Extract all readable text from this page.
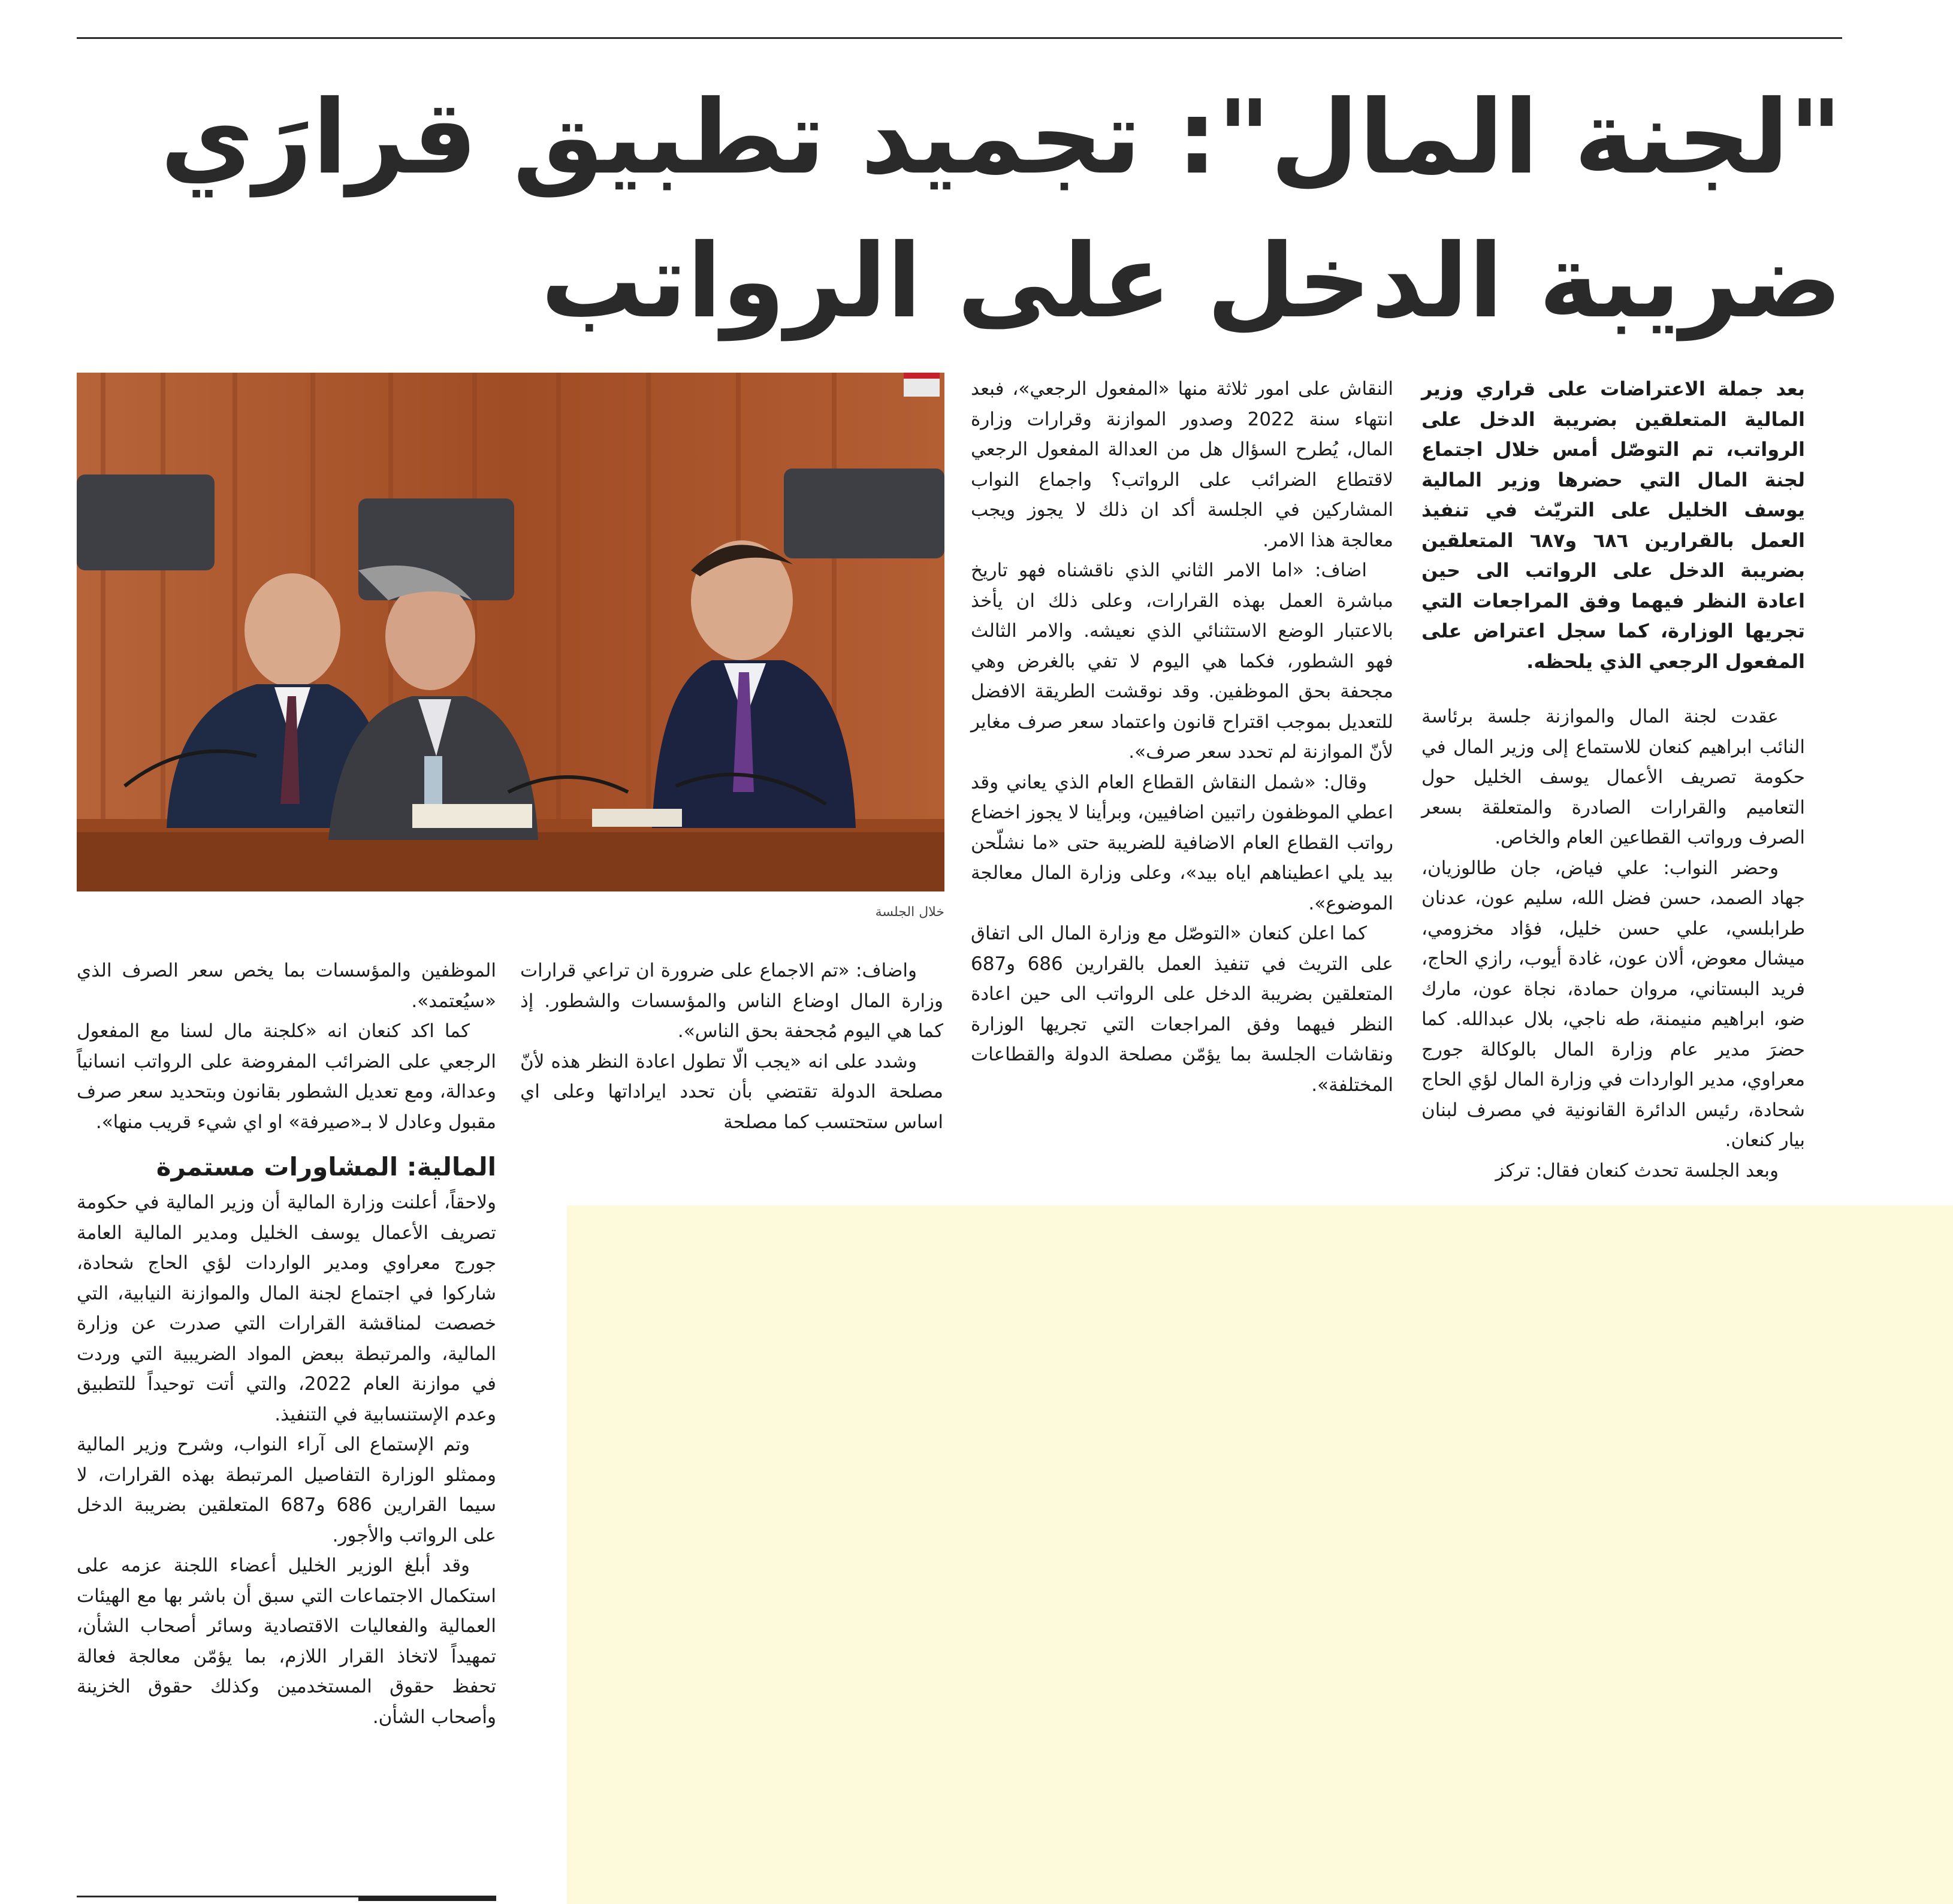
"لجنة المال": تجميد تطبيق قرارَي ضريبة الدخل على الرواتب

بعد جملة الاعتراضات على قراري وزير المالية المتعلقين بضريبة الدخل على الرواتب، تم التوصّل أمس خلال اجتماع لجنة المال التي حضرها وزير المالية يوسف الخليل على التريّث في تنفيذ العمل بالقرارين ٦٨٦ و٦٨٧ المتعلقين بضريبة الدخل على الرواتب الى حين اعادة النظر فيهما وفق المراجعات التي تجريها الوزارة، كما سجل اعتراض على المفعول الرجعي الذي يلحظه.

عقدت لجنة المال والموازنة جلسة برئاسة النائب ابراهيم كنعان للاستماع إلى وزير المال في حكومة تصريف الأعمال يوسف الخليل حول التعاميم والقرارات الصادرة والمتعلقة بسعر الصرف ورواتب القطاعين العام والخاص.

وحضر النواب: علي فياض، جان طالوزيان، جهاد الصمد، حسن فضل الله، سليم عون، عدنان طرابلسي، علي حسن خليل، فؤاد مخزومي، ميشال معوض، ألان عون، غادة أيوب، رازي الحاج، فريد البستاني، مروان حمادة، نجاة عون، مارك ضو، ابراهيم منيمنة، طه ناجي، بلال عبدالله. كما حضرَ مدير عام وزارة المال بالوكالة جورج معراوي، مدير الواردات في وزارة المال لؤي الحاج شحادة، رئيس الدائرة القانونية في مصرف لبنان بيار كنعان.

وبعد الجلسة تحدث كنعان فقال: تركز

النقاش على امور ثلاثة منها «المفعول الرجعي»، فبعد انتهاء سنة 2022 وصدور الموازنة وقرارات وزارة المال، يُطرح السؤال هل من العدالة المفعول الرجعي لاقتطاع الضرائب على الرواتب؟ واجماع النواب المشاركين في الجلسة أكد ان ذلك لا يجوز ويجب معالجة هذا الامر.

اضاف: «اما الامر الثاني الذي ناقشناه فهو تاريخ مباشرة العمل بهذه القرارات، وعلى ذلك ان يأخذ بالاعتبار الوضع الاستثنائي الذي نعيشه. والامر الثالث فهو الشطور، فكما هي اليوم لا تفي بالغرض وهي مجحفة بحق الموظفين. وقد نوقشت الطريقة الافضل للتعديل بموجب اقتراح قانون واعتماد سعر صرف مغاير لأنّ الموازنة لم تحدد سعر صرف».

وقال: «شمل النقاش القطاع العام الذي يعاني وقد اعطي الموظفون راتبين اضافيين، وبرأينا لا يجوز اخضاع رواتب القطاع العام الاضافية للضريبة حتى «ما نشلّحن بيد يلي اعطيناهم اياه بيد»، وعلى وزارة المال معالجة الموضوع».

كما اعلن كنعان «التوصّل مع وزارة المال الى اتفاق على التريث في تنفيذ العمل بالقرارين 686 و687 المتعلقين بضريبة الدخل على الرواتب الى حين اعادة النظر فيهما وفق المراجعات التي تجريها الوزارة ونقاشات الجلسة بما يؤمّن مصلحة الدولة والقطاعات المختلفة».

خلال الجلسة

واضاف: «تم الاجماع على ضرورة ان تراعي قرارات وزارة المال اوضاع الناس والمؤسسات والشطور. إذ كما هي اليوم مُجحفة بحق الناس».

وشدد على انه «يجب الّا تطول اعادة النظر هذه لأنّ مصلحة الدولة تقتضي بأن تحدد ايراداتها وعلى اي اساس ستحتسب كما مصلحة

الموظفين والمؤسسات بما يخص سعر الصرف الذي «سيُعتمد».

كما اكد كنعان انه «كلجنة مال لسنا مع المفعول الرجعي على الضرائب المفروضة على الرواتب انسانياً وعدالة، ومع تعديل الشطور بقانون وبتحديد سعر صرف مقبول وعادل لا بـ«صيرفة» او اي شيء قريب منها».

المالية: المشاورات مستمرة

ولاحقاً، أعلنت وزارة المالية أن وزير المالية في حكومة تصريف الأعمال يوسف الخليل ومدير المالية العامة جورج معراوي ومدير الواردات لؤي الحاج شحادة، شاركوا في اجتماع لجنة المال والموازنة النيابية، التي خصصت لمناقشة القرارات التي صدرت عن وزارة المالية، والمرتبطة ببعض المواد الضريبية التي وردت في موازنة العام 2022، والتي أتت توحيداً للتطبيق وعدم الإستنسابية في التنفيذ.

وتم الإستماع الى آراء النواب، وشرح وزير المالية وممثلو الوزارة التفاصيل المرتبطة بهذه القرارات، لا سيما القرارين 686 و687 المتعلقين بضريبة الدخل على الرواتب والأجور.

وقد أبلغ الوزير الخليل أعضاء اللجنة عزمه على استكمال الاجتماعات التي سبق أن باشر بها مع الهيئات العمالية والفعاليات الاقتصادية وسائر أصحاب الشأن، تمهيداً لاتخاذ القرار اللازم، بما يؤمّن معالجة فعالة تحفظ حقوق المستخدمين وكذلك حقوق الخزينة وأصحاب الشأن.
